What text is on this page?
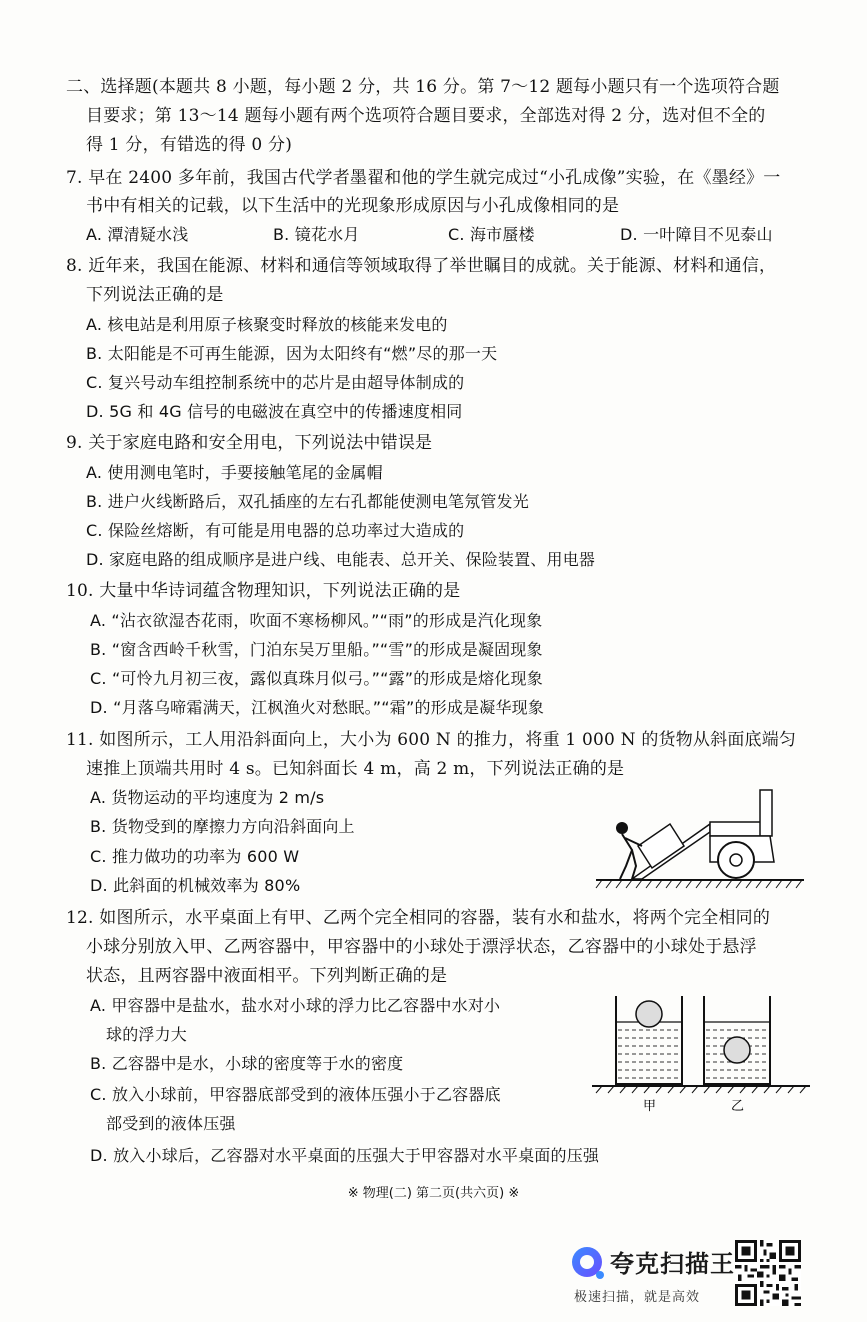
二、选择题(本题共 8 小题，每小题 2 分，共 16 分。第 7～12 题每小题只有一个选项符合题
目要求；第 13～14 题每小题有两个选项符合题目要求，全部选对得 2 分，选对但不全的
得 1 分，有错选的得 0 分)
7. 早在 2400 多年前，我国古代学者墨翟和他的学生就完成过“小孔成像”实验，在《墨经》一
书中有相关的记载，以下生活中的光现象形成原因与小孔成像相同的是
A. 潭清疑水浅	B. 镜花水月	C. 海市蜃楼	D. 一叶障目不见泰山
8. 近年来，我国在能源、材料和通信等领域取得了举世瞩目的成就。关于能源、材料和通信，
下列说法正确的是
A. 核电站是利用原子核聚变时释放的核能来发电的
B. 太阳能是不可再生能源，因为太阳终有“燃”尽的那一天
C. 复兴号动车组控制系统中的芯片是由超导体制成的
D. 5G 和 4G 信号的电磁波在真空中的传播速度相同
9. 关于家庭电路和安全用电，下列说法中错误是
A. 使用测电笔时，手要接触笔尾的金属帽
B. 进户火线断路后，双孔插座的左右孔都能使测电笔氖管发光
C. 保险丝熔断，有可能是用电器的总功率过大造成的
D. 家庭电路的组成顺序是进户线、电能表、总开关、保险装置、用电器
10. 大量中华诗词蕴含物理知识，下列说法正确的是
A. “沾衣欲湿杏花雨，吹面不寒杨柳风。”“雨”的形成是汽化现象
B. “窗含西岭千秋雪，门泊东吴万里船。”“雪”的形成是凝固现象
C. “可怜九月初三夜，露似真珠月似弓。”“露”的形成是熔化现象
D. “月落乌啼霜满天，江枫渔火对愁眠。”“霜”的形成是凝华现象
11. 如图所示，工人用沿斜面向上，大小为 600 N 的推力，将重 1 000 N 的货物从斜面底端匀
速推上顶端共用时 4 s。已知斜面长 4 m，高 2 m，下列说法正确的是
A. 货物运动的平均速度为 2 m/s
B. 货物受到的摩擦力方向沿斜面向上
C. 推力做功的功率为 600 W
D. 此斜面的机械效率为 80%
12. 如图所示，水平桌面上有甲、乙两个完全相同的容器，装有水和盐水，将两个完全相同的
小球分别放入甲、乙两容器中，甲容器中的小球处于漂浮状态，乙容器中的小球处于悬浮
状态，且两容器中液面相平。下列判断正确的是
A. 甲容器中是盐水，盐水对小球的浮力比乙容器中水对小
球的浮力大
B. 乙容器中是水，小球的密度等于水的密度
C. 放入小球前，甲容器底部受到的液体压强小于乙容器底
部受到的液体压强
D. 放入小球后，乙容器对水平桌面的压强大于甲容器对水平桌面的压强
甲	乙
※ 物理(二) 第二页(共六页) ※
夸克扫描王
极速扫描，就是高效
